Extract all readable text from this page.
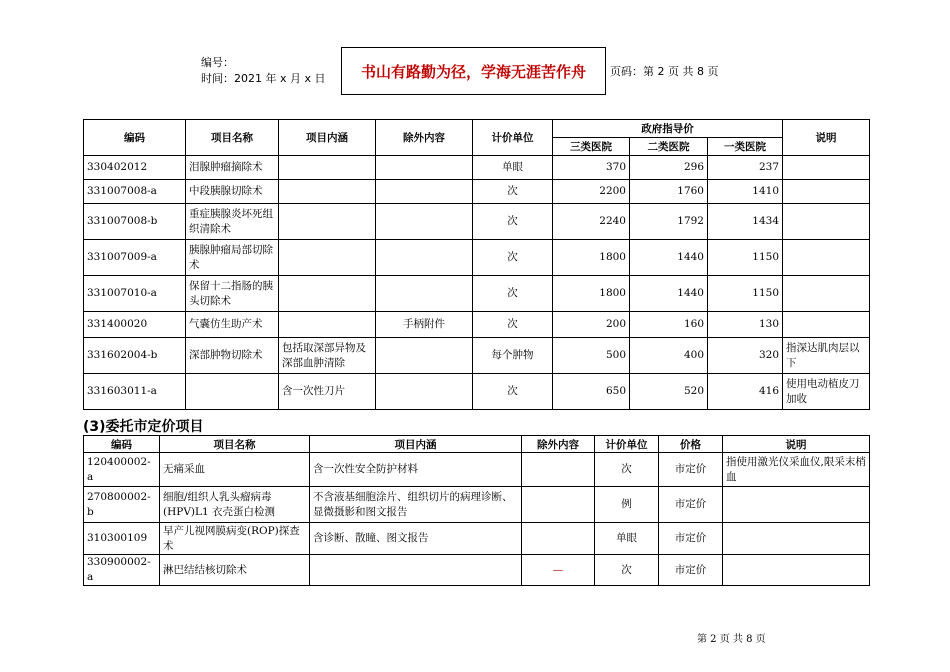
编号：
时间：2021 年 x 月 x 日	书山有路勤为径，学海无涯苦作舟	页码：第 2 页 共 8 页
编码	项目名称	项目内涵	除外内容	计价单位	政府指导价			说明
					三类医院	二类医院	一类医院	
330402012	泪腺肿瘤摘除术			单眼	370	296	237	
331007008-a	中段胰腺切除术			次	2200	1760	1410	
331007008-b	重症胰腺炎坏死组织清除术			次	2240	1792	1434	
331007009-a	胰腺肿瘤局部切除术			次	1800	1440	1150	
331007010-a	保留十二指肠的胰头切除术			次	1800	1440	1150	
331400020	气囊仿生助产术		手柄附件	次	200	160	130	
331602004-b	深部肿物切除术	包括取深部异物及深部血肿清除		每个肿物	500	400	320	指深达肌肉层以下
331603011-a		含一次性刀片		次	650	520	416	使用电动植皮刀加收
(3)委托市定价项目
编码	项目名称	项目内涵	除外内容	计价单位	价格	说明
120400002-a	无痛采血	含一次性安全防护材料		次	市定价	指使用激光仪采血仪,限采末梢血
270800002-b	细胞/组织人乳头瘤病毒(HPV)L1 衣壳蛋白检测	不含液基细胞涂片、组织切片的病理诊断、显微摄影和图文报告		例	市定价	
310300109	早产儿视网膜病变(ROP)探查术	含诊断、散瞳、图文报告		单眼	市定价	
330900002-a	淋巴结结核切除术		—	次	市定价	
第 2 页 共 8 页
